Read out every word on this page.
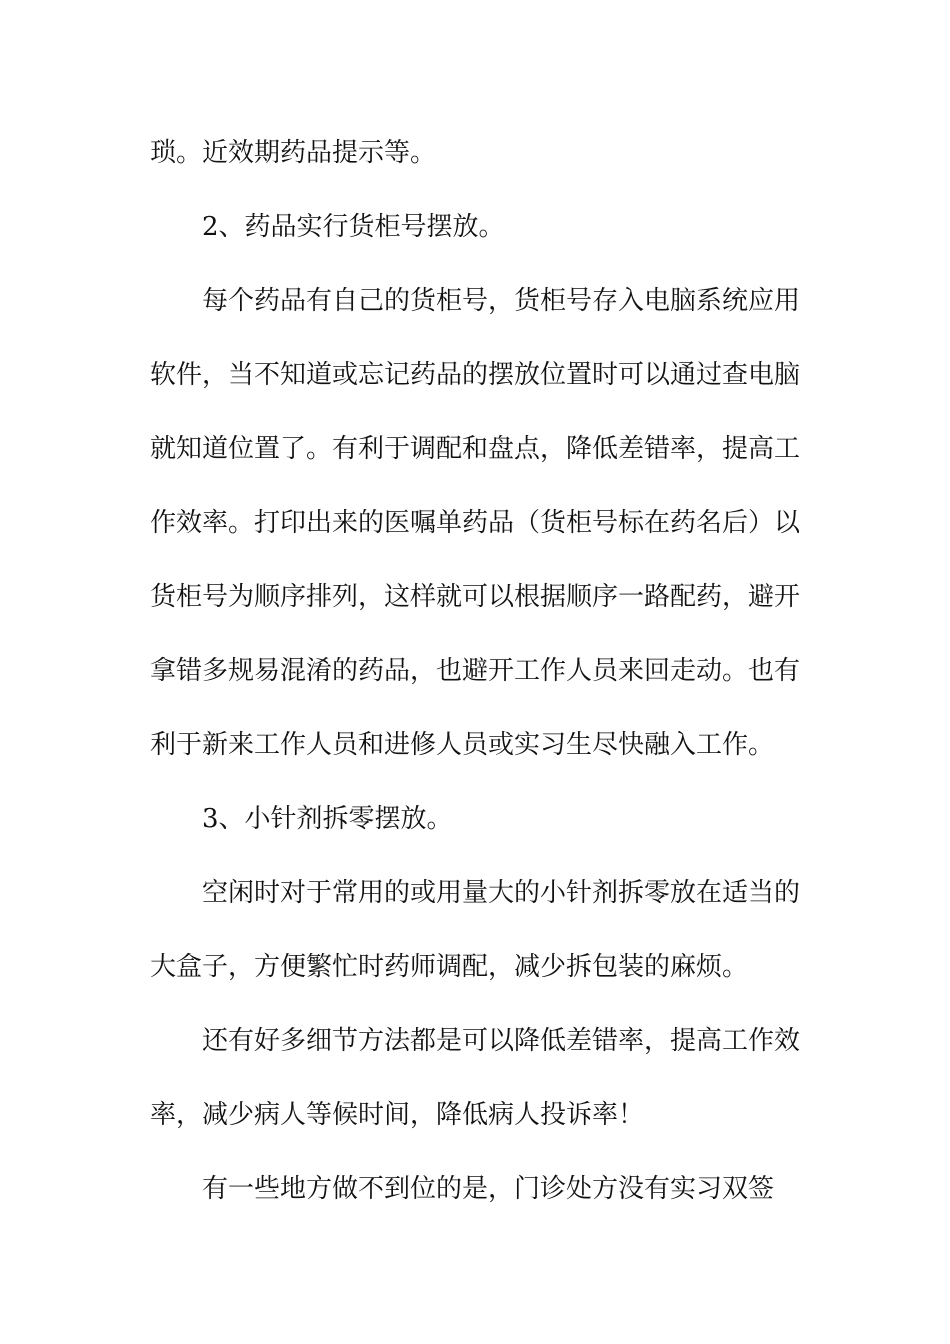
琐。近效期药品提示等。
2、药品实行货柜号摆放。
每个药品有自己的货柜号，货柜号存入电脑系统应用
软件，当不知道或忘记药品的摆放位置时可以通过查电脑
就知道位置了。有利于调配和盘点，降低差错率，提高工
作效率。打印出来的医嘱单药品（货柜号标在药名后）以
货柜号为顺序排列，这样就可以根据顺序一路配药，避开
拿错多规易混淆的药品，也避开工作人员来回走动。也有
利于新来工作人员和进修人员或实习生尽快融入工作。
3、小针剂拆零摆放。
空闲时对于常用的或用量大的小针剂拆零放在适当的
大盒子，方便繁忙时药师调配，减少拆包装的麻烦。
还有好多细节方法都是可以降低差错率，提高工作效
率，减少病人等候时间，降低病人投诉率！
有一些地方做不到位的是，门诊处方没有实习双签
